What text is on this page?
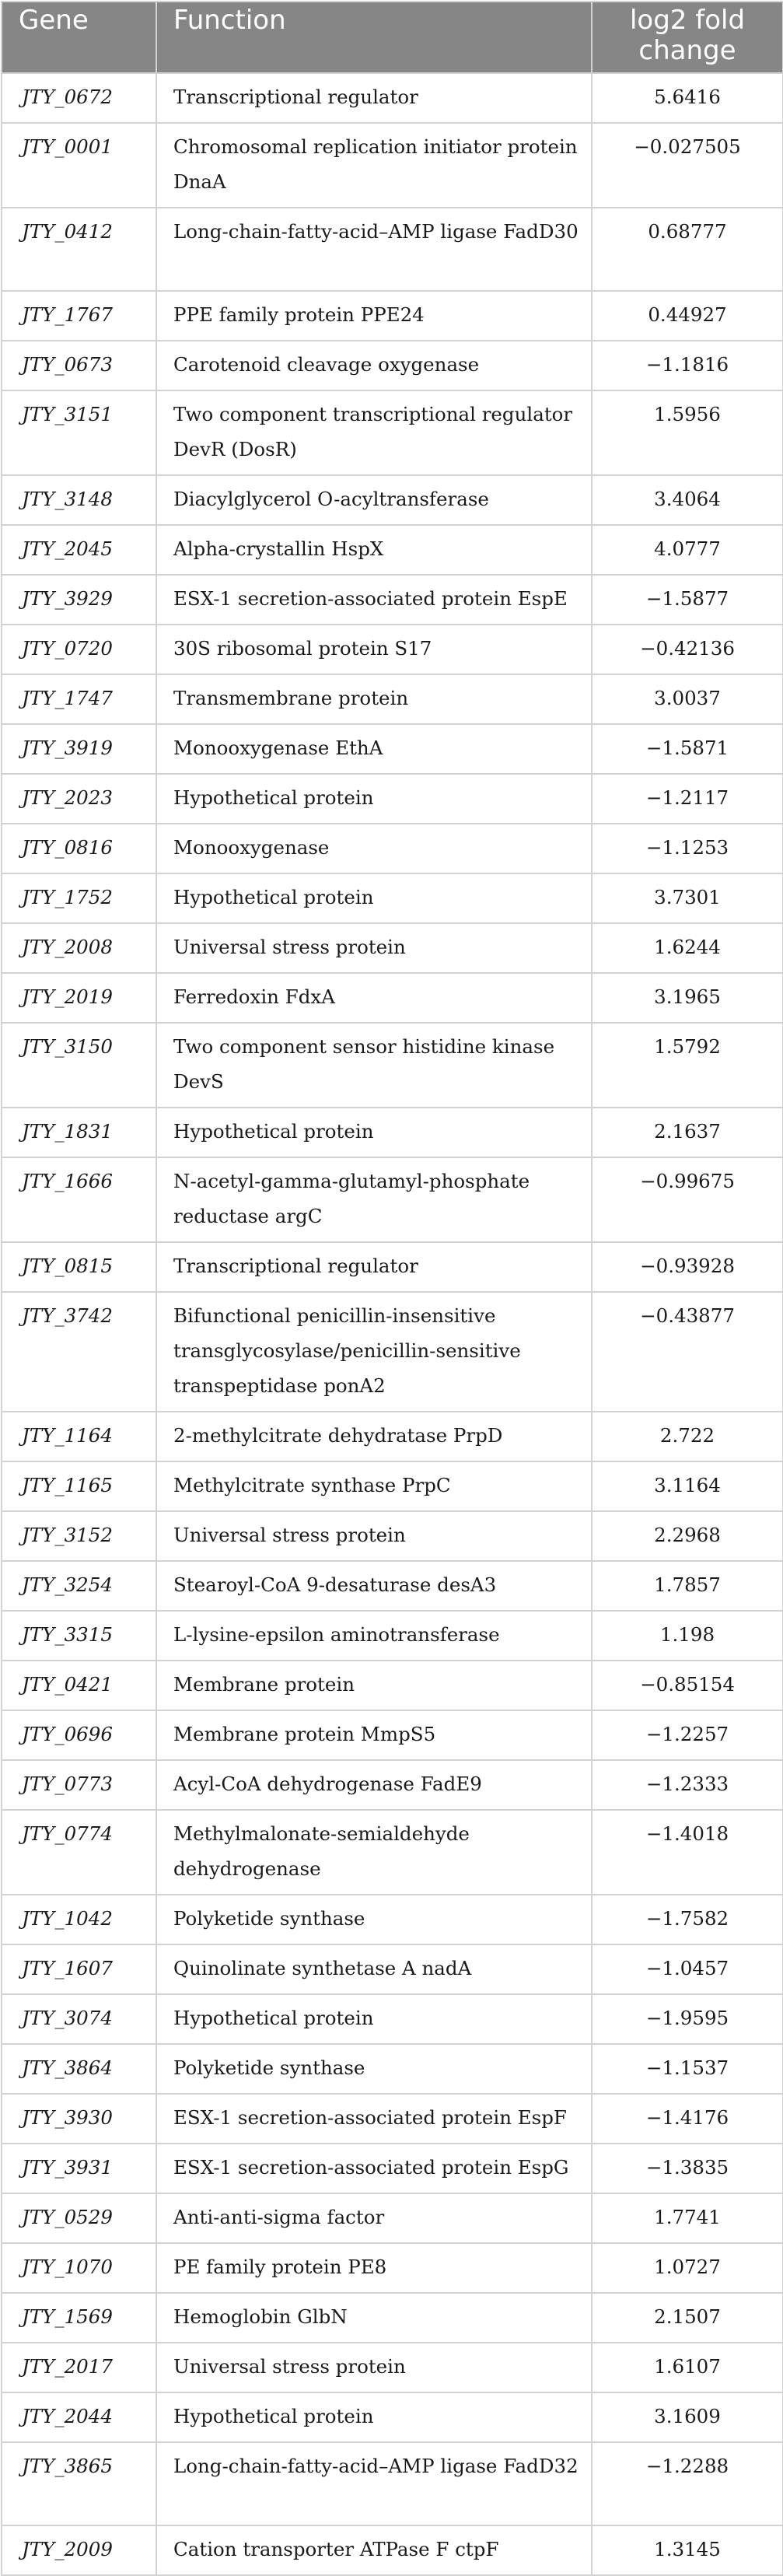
Gene	Function	log2 fold change
JTY_0672	Transcriptional regulator	5.6416
JTY_0001	Chromosomal replication initiator protein DnaA	−0.027505
JTY_0412	Long-chain-fatty-acid–AMP ligase FadD30	0.68777
JTY_1767	PPE family protein PPE24	0.44927
JTY_0673	Carotenoid cleavage oxygenase	−1.1816
JTY_3151	Two component transcriptional regulator DevR (DosR)	1.5956
JTY_3148	Diacylglycerol O-acyltransferase	3.4064
JTY_2045	Alpha-crystallin HspX	4.0777
JTY_3929	ESX-1 secretion-associated protein EspE	−1.5877
JTY_0720	30S ribosomal protein S17	−0.42136
JTY_1747	Transmembrane protein	3.0037
JTY_3919	Monooxygenase EthA	−1.5871
JTY_2023	Hypothetical protein	−1.2117
JTY_0816	Monooxygenase	−1.1253
JTY_1752	Hypothetical protein	3.7301
JTY_2008	Universal stress protein	1.6244
JTY_2019	Ferredoxin FdxA	3.1965
JTY_3150	Two component sensor histidine kinase DevS	1.5792
JTY_1831	Hypothetical protein	2.1637
JTY_1666	N-acetyl-gamma-glutamyl-phosphate reductase argC	−0.99675
JTY_0815	Transcriptional regulator	−0.93928
JTY_3742	Bifunctional penicillin-insensitive transglycosylase/penicillin-sensitive transpeptidase ponA2	−0.43877
JTY_1164	2-methylcitrate dehydratase PrpD	2.722
JTY_1165	Methylcitrate synthase PrpC	3.1164
JTY_3152	Universal stress protein	2.2968
JTY_3254	Stearoyl-CoA 9-desaturase desA3	1.7857
JTY_3315	L-lysine-epsilon aminotransferase	1.198
JTY_0421	Membrane protein	−0.85154
JTY_0696	Membrane protein MmpS5	−1.2257
JTY_0773	Acyl-CoA dehydrogenase FadE9	−1.2333
JTY_0774	Methylmalonate-semialdehyde dehydrogenase	−1.4018
JTY_1042	Polyketide synthase	−1.7582
JTY_1607	Quinolinate synthetase A nadA	−1.0457
JTY_3074	Hypothetical protein	−1.9595
JTY_3864	Polyketide synthase	−1.1537
JTY_3930	ESX-1 secretion-associated protein EspF	−1.4176
JTY_3931	ESX-1 secretion-associated protein EspG	−1.3835
JTY_0529	Anti-anti-sigma factor	1.7741
JTY_1070	PE family protein PE8	1.0727
JTY_1569	Hemoglobin GlbN	2.1507
JTY_2017	Universal stress protein	1.6107
JTY_2044	Hypothetical protein	3.1609
JTY_3865	Long-chain-fatty-acid–AMP ligase FadD32	−1.2288
JTY_2009	Cation transporter ATPase F ctpF	1.3145
